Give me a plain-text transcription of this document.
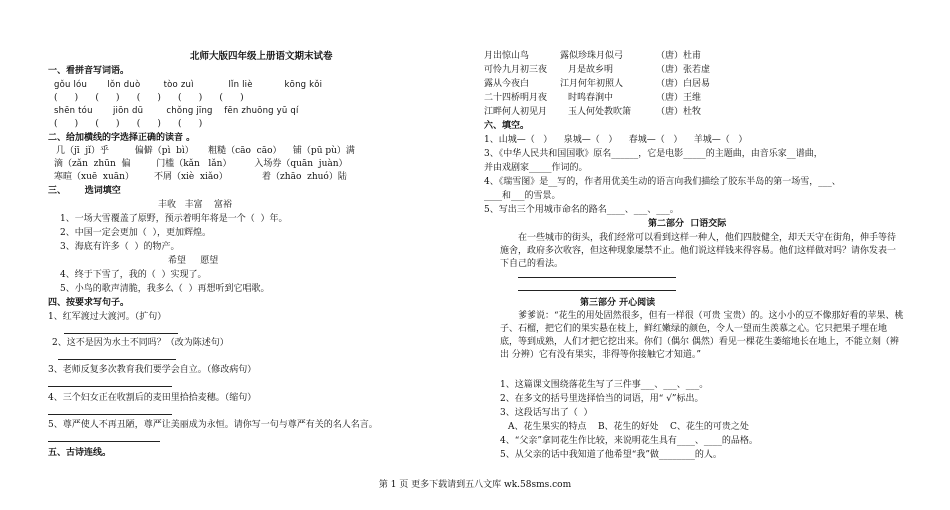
北师大版四年级上册语文期末试卷
一、看拼音写词语。
gǒu lóu       lǒn duò        tòo zuì            lǐn liè           kōng kǒi
(      )      (      )      (      )      (      )      (      )
shēn tóu       jiōn dū        chǒng jīng    fēn zhuōng yū qí
(      )      (      )      (      )      (      )
二、给加横线的字选择正确的读音 。
几（jī  jǐ）乎         偏僻（pì  bì）     粗糙（cāo  cāo）    铺（pū pù）满
滴（zǎn  zhūn  偏         门槛（kǎn   lǎn）        入场券（quān  juàn）
寒暄（xuē  xuān）       不屑（xiè  xiǎo）            着（zhāo  zhuó）陆
三、      选词填空
丰收   丰富    富裕
1、一场大雪覆盖了原野，预示着明年将是一个（  ）年。
2、中国一定会更加（  ），更加辉煌。
3、海底有许多（  ）的物产。
希望     愿望
4、终于下雪了，我的（  ）实现了。
5、小鸟的歌声清脆，我多么（  ）再想听到它唱歌。
四、按要求写句子。
1、红军渡过大渡河。（扩句）
2、这不是因为水土不同吗？（改为陈述句）
3、老师反复多次教育我们要学会自立。（修改病句）
4、三个妇女正在收割后的麦田里拾拾麦穗。（缩句）
5、尊严使人不再丑陋，尊严让美丽成为永恒。请你写一句与尊严有关的名人名言。
五、古诗连线。
月出惊山鸟	露似珍珠月似弓	（唐）杜甫
可怜九月初三夜 月是故乡明	（唐）张若虚
露从今夜白	江月何年初照人	（唐）白居易
二十四桥明月夜 时鸣春涧中	（唐）王维
江畔何人初见月 玉人何处教吹箫	（唐）杜牧
六、填空。
1、山城—（   ）    泉城—（   ）    春城—（   ）    羊城—（   ）
3、《中华人民共和国国歌》原名______，它是电影_____的主题曲，由音乐家__谱曲，
并由戏剧家_____作词的。
4、《瑞雪图》是__写的，作者用优美生动的语言向我们描绘了胶东半岛的第一场雪，___、
____和___的雪景。
5、写出三个用城市命名的路名____、___、___。
第二部分  口语交际
在一些城市的街头，我们经常可以看到这样一种人，他们四肢健全，却天天守在街角，伸手等待施舍，政府多次收容，但这种现象屡禁不止。他们说这样钱来得容易。他们这样做对吗？请你发表一下自己的看法。
第三部分 开心阅读
爹爹说：“花生的用处固然很多，但有一样很（可贵 宝贵）的。这小小的豆不像那好看的苹果、桃子、石榴，把它们的果实悬在枝上，鲜红嫩绿的颜色，令人一望而生羡慕之心。它只把果子埋在地底，等到成熟，人们才把它挖出来。你们（偶尔 偶然）看见一棵花生萎缩地长在地上，不能立刻（辨出 分辨）它有没有果实，非得等你接触它才知道。”
1、这篇课文围绕落花生写了三件事___、___、___。
2、在多文的括号里选择恰当的词语，用“ √”标出。
3、这段话写出了（  ）
A、花生果实的特点    B、花生的好处    C、花生的可贵之处
4、“父亲”拿同花生作比较，来说明花生具有____、____的品格。
5、从父亲的话中我知道了他希望“我”做________的人。
第 1 页 更多下载请到五八文库 wk.58sms.com
